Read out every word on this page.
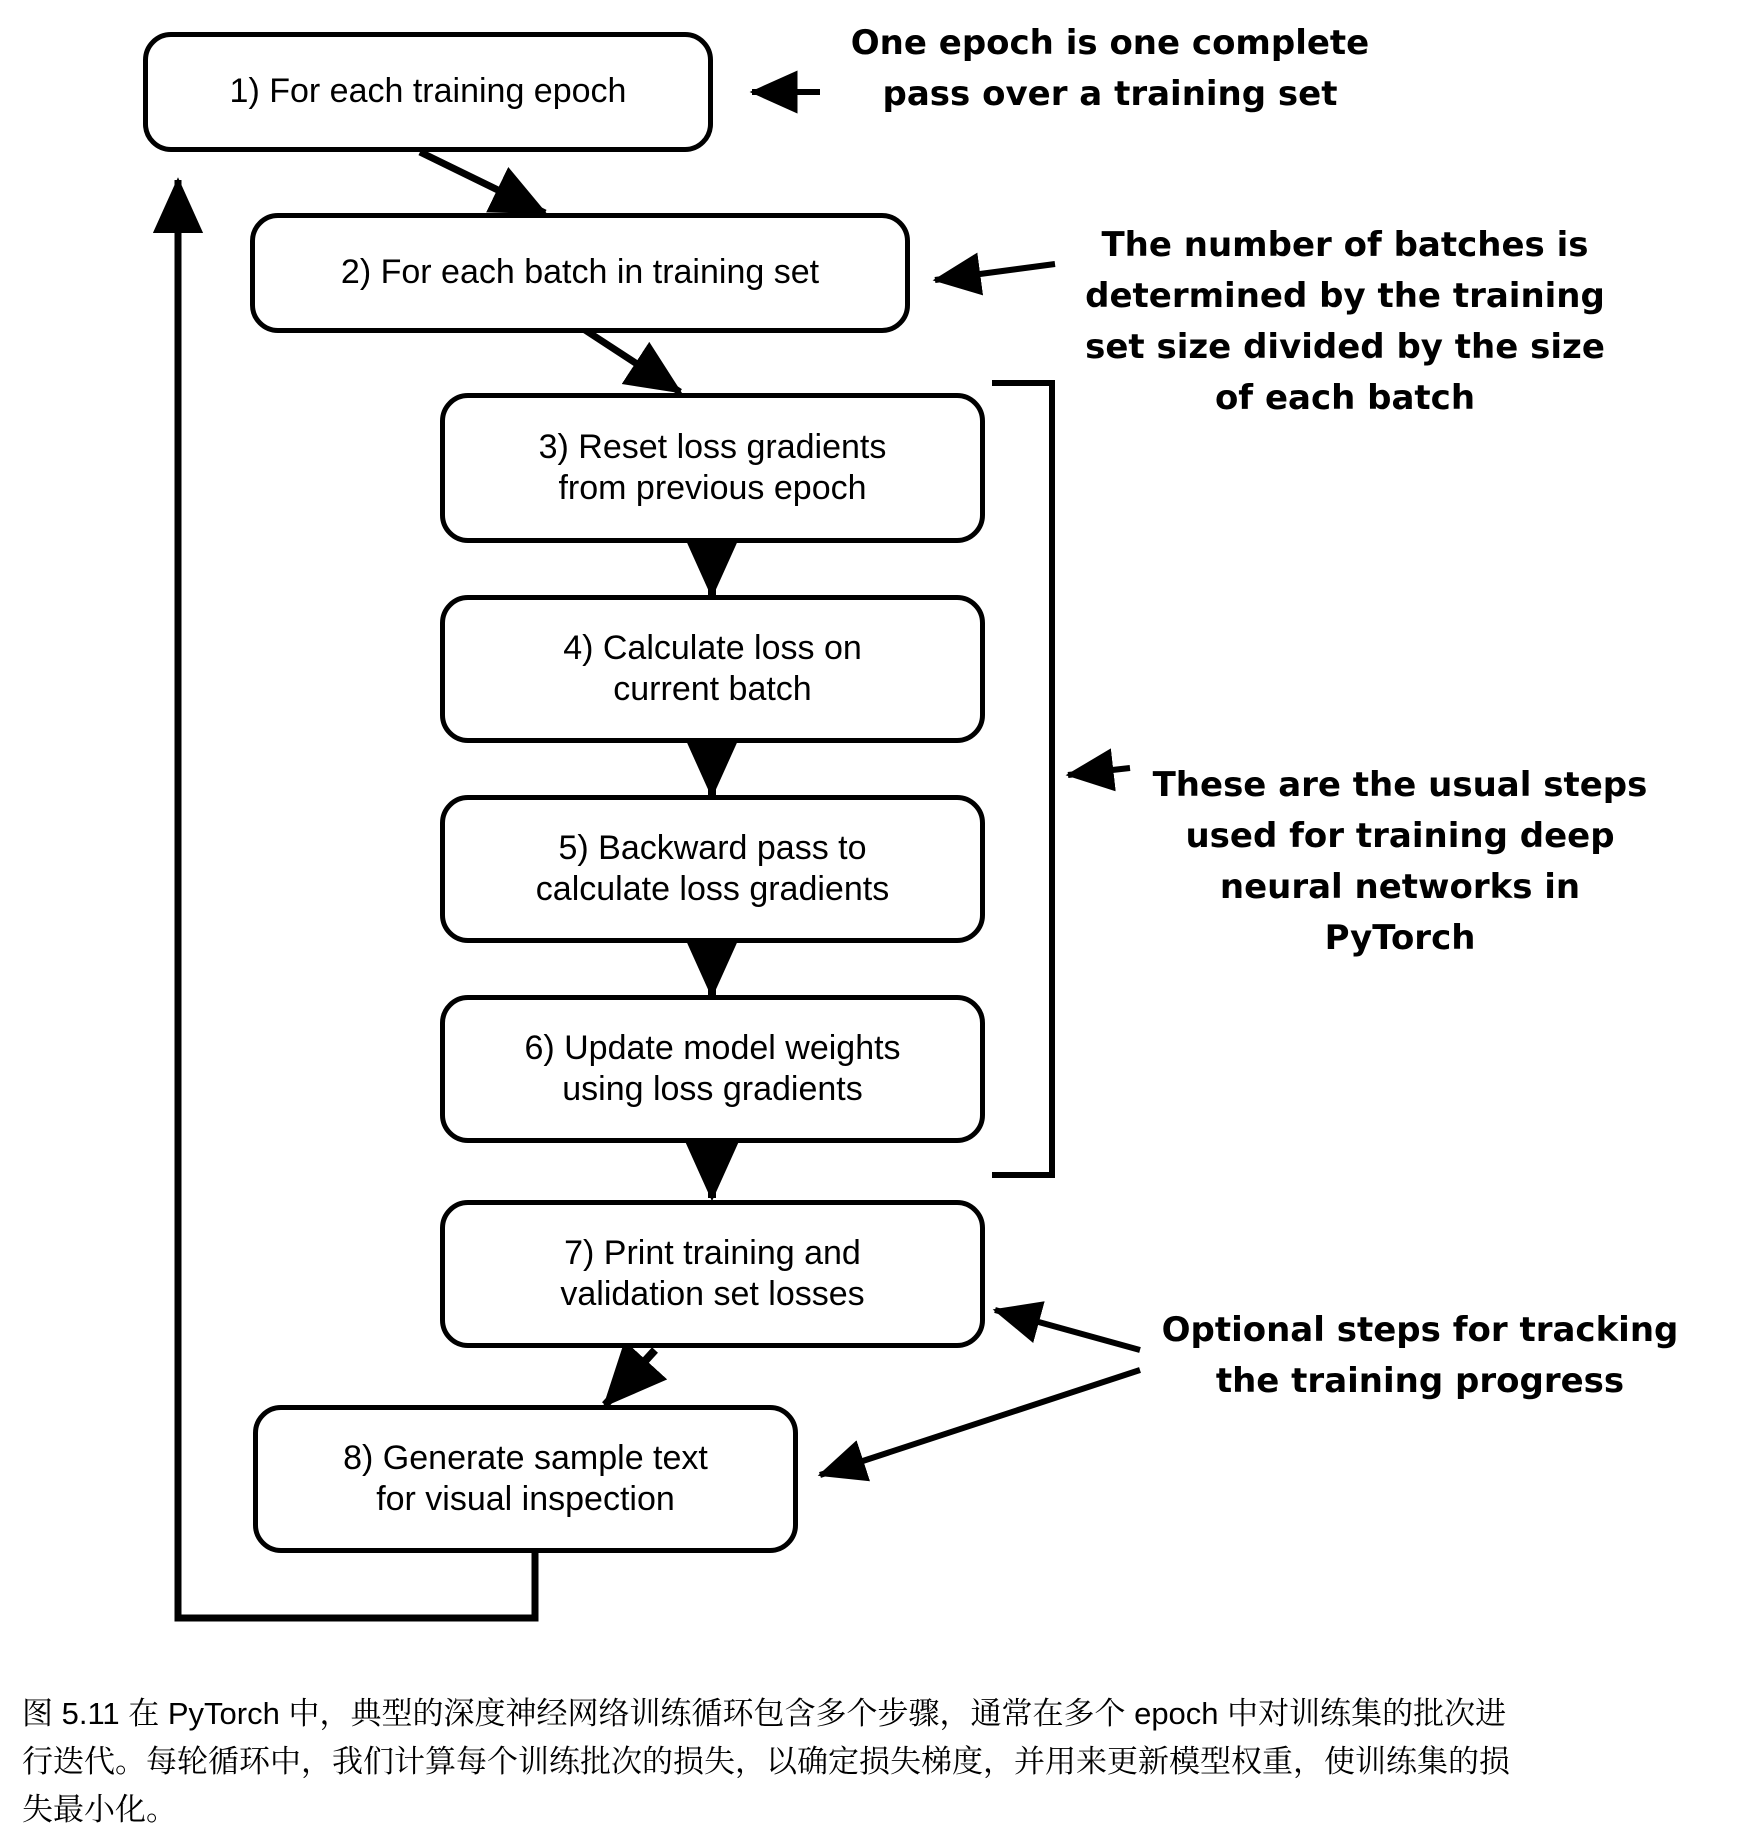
1) For each training epoch
2) For each batch in training set
3) Reset loss gradients
from previous epoch
4) Calculate loss on
current batch
5) Backward pass to
calculate loss gradients
6) Update model weights
using loss gradients
7) Print training and
validation set losses
8) Generate sample text
for visual inspection
One epoch is one complete
pass over a training set
The number of batches is
determined by the training
set size divided by the size
of each batch
These are the usual steps
used for training deep
neural networks in
PyTorch
Optional steps for tracking
the training progress
图 5.11 在 PyTorch 中，典型的深度神经网络训练循环包含多个步骤，通常在多个 epoch 中对训练集的批次进
行迭代。每轮循环中，我们计算每个训练批次的损失，以确定损失梯度，并用来更新模型权重，使训练集的损
失最小化。
